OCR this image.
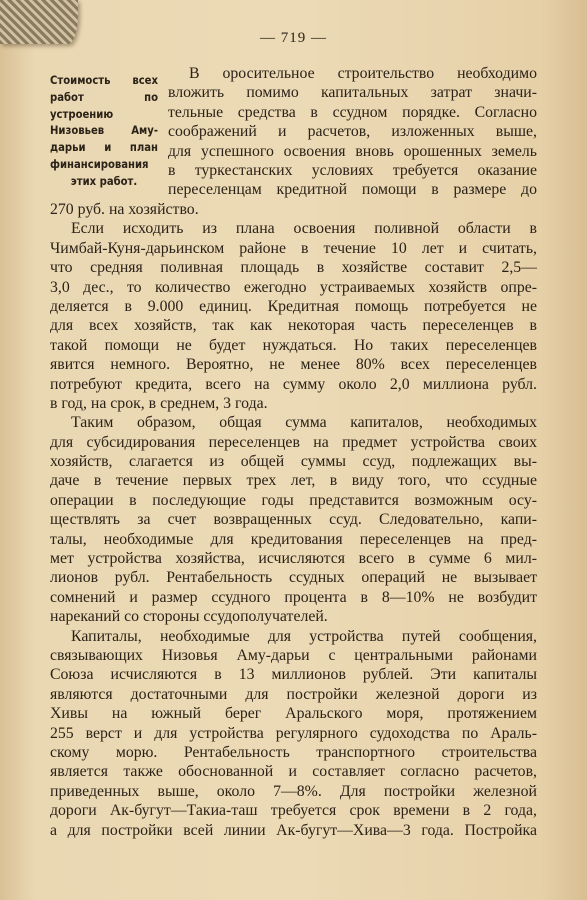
— 719 —
Стоимость всех работ по устроению Низовьев Аму-дарьи и план финансирования этих работ.
В оросительное строительство необходимо
вложить помимо капитальных затрат значи-
тельные средства в ссудном порядке. Согласно
соображений и расчетов, изложенных выше,
для успешного освоения вновь орошенных земель
в туркестанских условиях требуется оказание
переселенцам кредитной помощи в размере до
270 руб. на хозяйство.
Если исходить из плана освоения поливной области в
Чимбай-Куня-дарьинском районе в течение 10 лет и считать,
что средняя поливная площадь в хозяйстве составит 2,5—
3,0 дес., то количество ежегодно устраиваемых хозяйств опре-
деляется в 9.000 единиц. Кредитная помощь потребуется не
для всех хозяйств, так как некоторая часть переселенцев в
такой помощи не будет нуждаться. Но таких переселенцев
явится немного. Вероятно, не менее 80% всех переселенцев
потребуют кредита, всего на сумму около 2,0 миллиона рубл.
в год, на срок, в среднем, 3 года.
Таким образом, общая сумма капиталов, необходимых
для субсидирования переселенцев на предмет устройства своих
хозяйств, слагается из общей суммы ссуд, подлежащих вы-
даче в течение первых трех лет, в виду того, что ссудные
операции в последующие годы представится возможным осу-
ществлять за счет возвращенных ссуд. Следовательно, капи-
талы, необходимые для кредитования переселенцев на пред-
мет устройства хозяйства, исчисляются всего в сумме 6 мил-
лионов рубл. Рентабельность ссудных операций не вызывает
сомнений и размер ссудного процента в 8—10% не возбудит
нареканий со стороны ссудополучателей.
Капиталы, необходимые для устройства путей сообщения,
связывающих Низовья Аму-дарьи с центральными районами
Союза исчисляются в 13 миллионов рублей. Эти капиталы
являются достаточными для постройки железной дороги из
Хивы на южный берег Аральского моря, протяжением
255 верст и для устройства регулярного судоходства по Араль-
скому морю. Рентабельность транспортного строительства
является также обоснованной и составляет согласно расчетов,
приведенных выше, около 7—8%. Для постройки железной
дороги Ак-бугут—Такиа-таш требуется срок времени в 2 года,
а для постройки всей линии Ак-бугут—Хива—3 года. Постройка
